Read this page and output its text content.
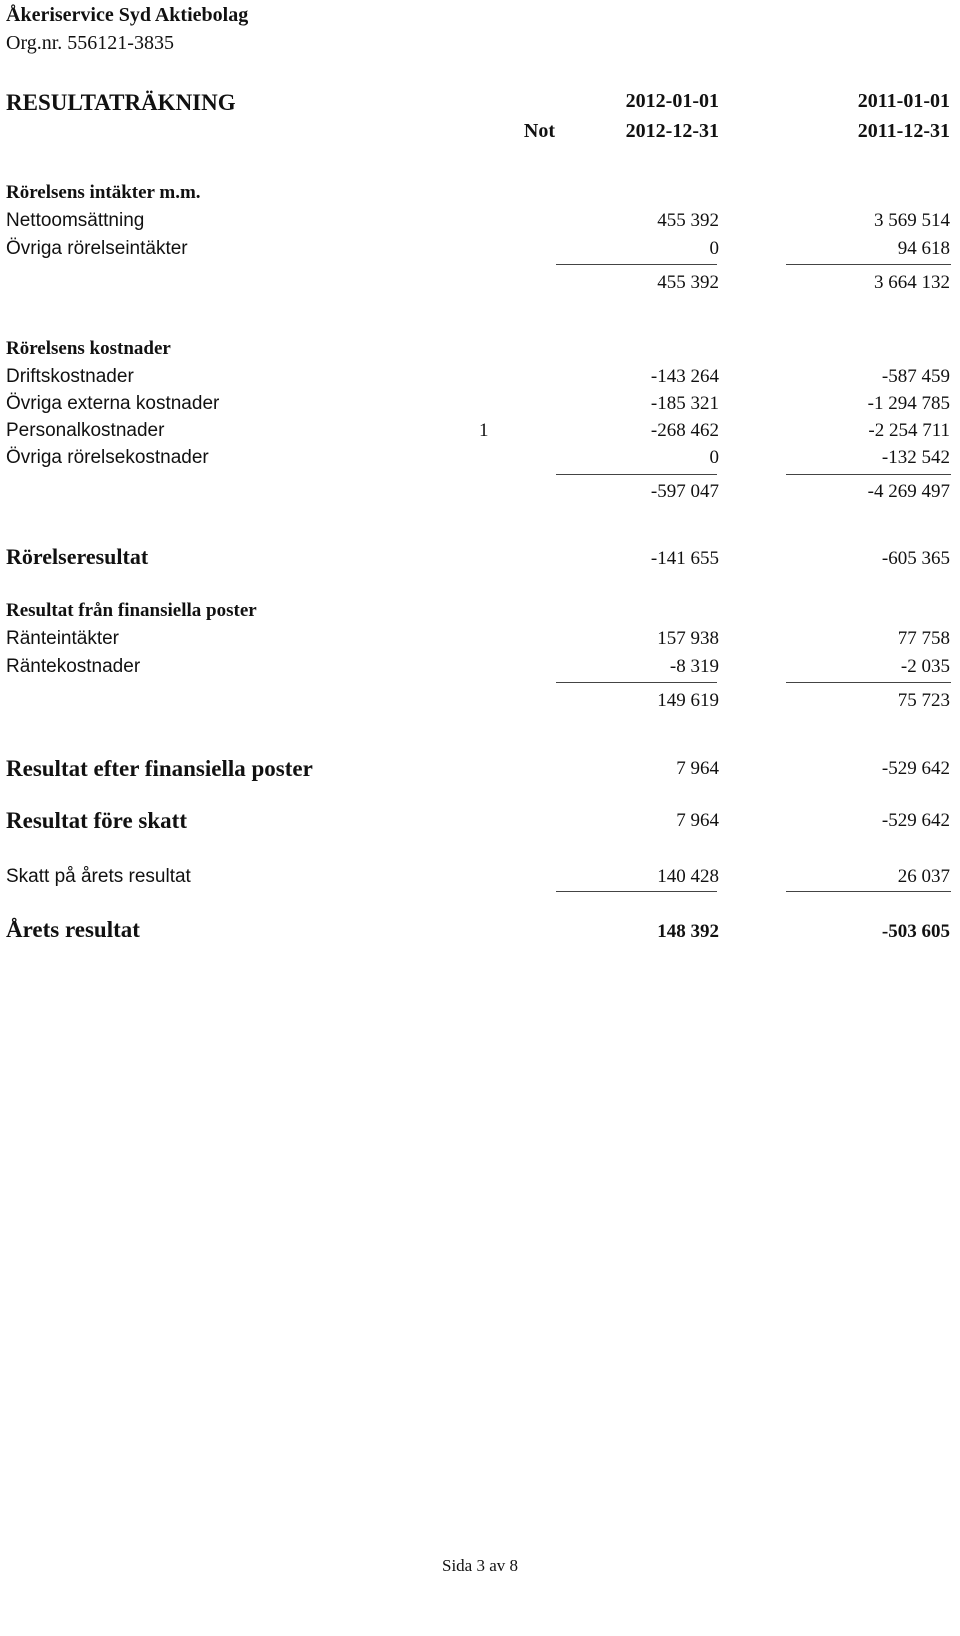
Åkeriservice Syd Aktiebolag
Org.nr. 556121-3835
RESULTATRÄKNING	2012-01-01	2011-01-01
Not	2012-12-31	2011-12-31
Rörelsens intäkter m.m.
Nettoomsättning	455 392	3 569 514
Övriga rörelseintäkter	0	94 618
455 392	3 664 132
Rörelsens kostnader
Driftskostnader	-143 264	-587 459
Övriga externa kostnader	-185 321	-1 294 785
Personalkostnader	1	-268 462	-2 254 711
Övriga rörelsekostnader	0	-132 542
-597 047	-4 269 497
Rörelseresultat	-141 655	-605 365
Resultat från finansiella poster
Ränteintäkter	157 938	77 758
Räntekostnader	-8 319	-2 035
149 619	75 723
Resultat efter finansiella poster	7 964	-529 642
Resultat före skatt	7 964	-529 642
Skatt på årets resultat	140 428	26 037
Årets resultat	148 392	-503 605
Sida 3 av 8
